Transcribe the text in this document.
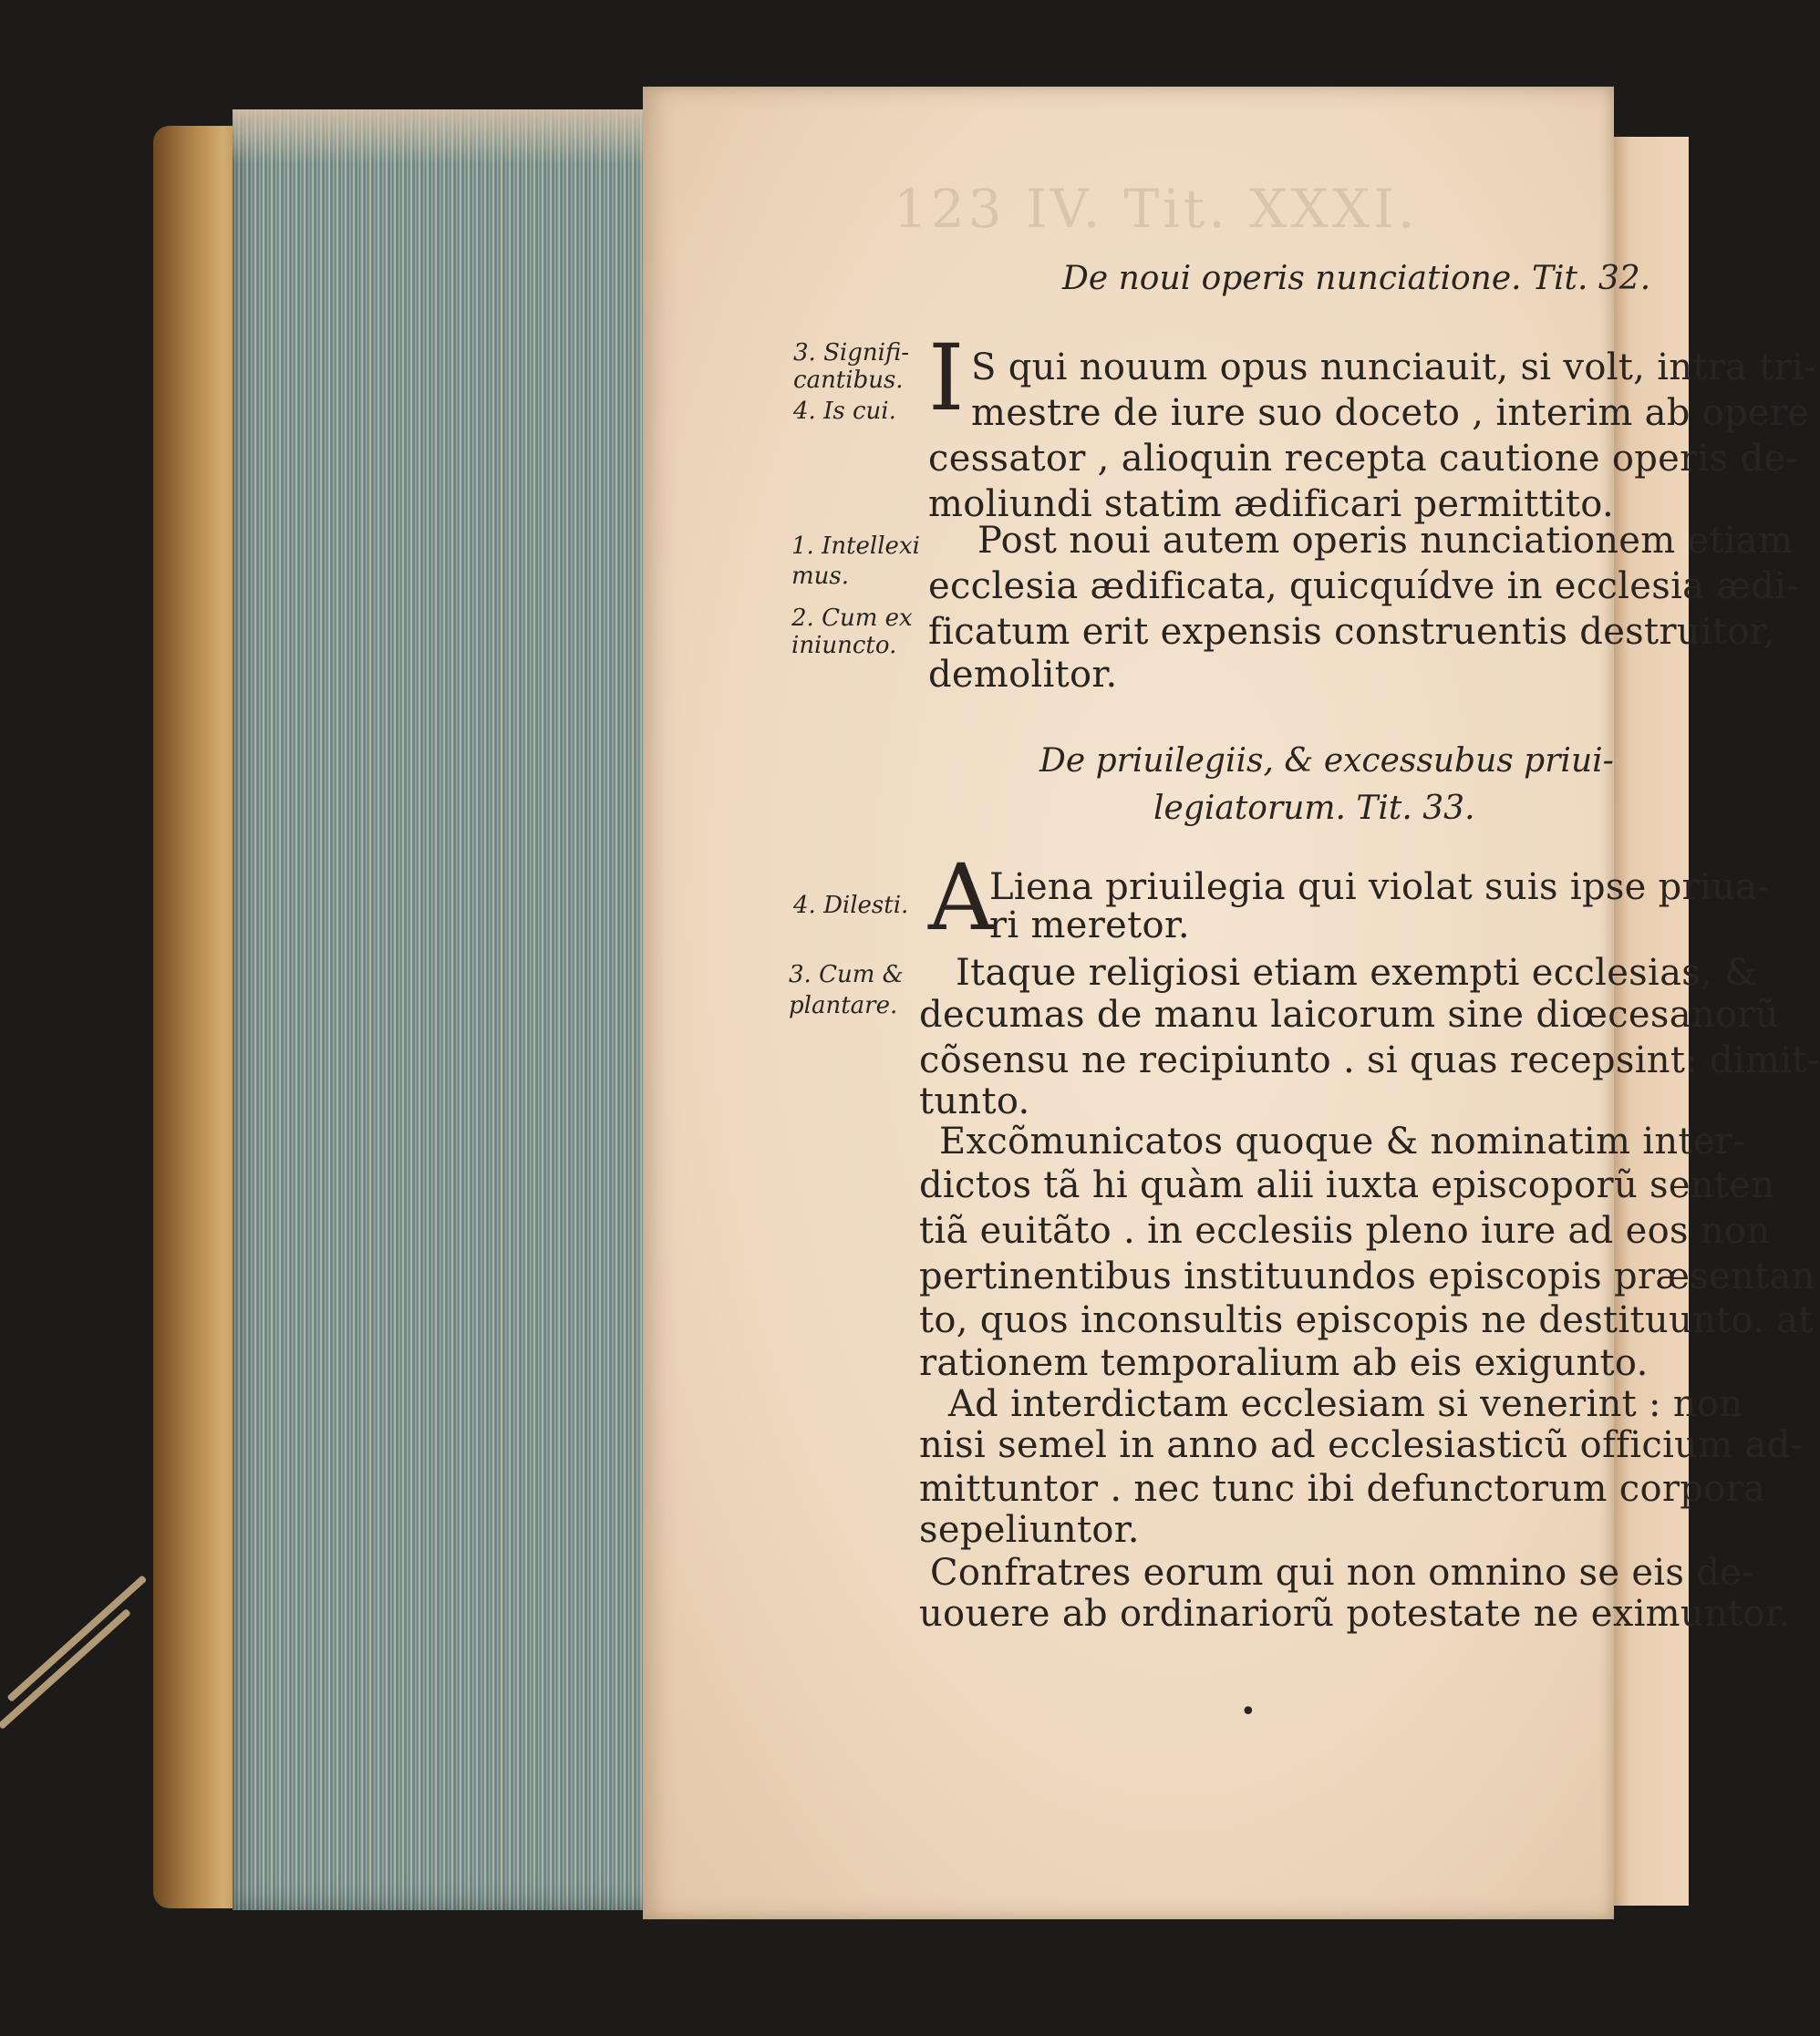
123 IV. Tit. XXXI.
De noui operis nunciatione. Tit. 32.
3. Signifi-
cantibus.
4. Is cui.
1. Intellexi
mus.
2. Cum ex
iniuncto.
I S qui nouum opus nunciauit, si volt, intra tri-
mestre de iure suo doceto , interim ab opere
cessator , alioquin recepta cautione operis de-
moliundi statim ædificari permittito.
Post noui autem operis nunciationem etiam
ecclesia ædificata, quicquídve in ecclesia ædi-
ficatum erit expensis construentis destruitor,
demolitor.
De priuilegiis, & excessubus priui-
legiatorum. Tit. 33.
4. Dilesti.
3. Cum &
plantare.
A
Liena priuilegia qui violat suis ipse priua-
ri meretor.
Itaque religiosi etiam exempti ecclesias, &
decumas de manu laicorum sine diœcesanorũ
cõsensu ne recipiunto . si quas recepsint: dimit-
tunto.
Excõmunicatos quoque & nominatim inter-
dictos tã hi quàm alii iuxta episcoporũ senten
tiã euitãto . in ecclesiis pleno iure ad eos non
pertinentibus instituundos episcopis præsentan
to, quos inconsultis episcopis ne destituunto. at
rationem temporalium ab eis exigunto.
Ad interdictam ecclesiam si venerint : non
nisi semel in anno ad ecclesiasticũ officium ad-
mittuntor . nec tunc ibi defunctorum corpora
sepeliuntor.
Confratres eorum qui non omnino se eis de-
uouere ab ordinariorũ potestate ne eximuntor.
•
